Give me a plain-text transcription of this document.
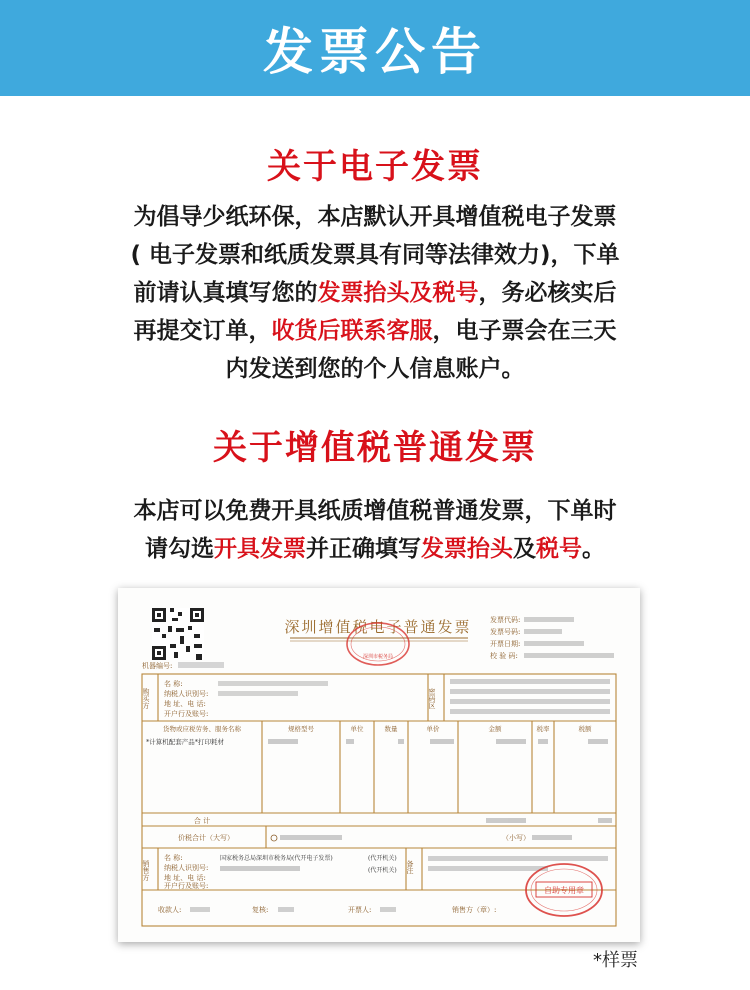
发票公告
关于电子发票
为倡导少纸环保，本店默认开具增值税电子发票
( 电子发票和纸质发票具有同等法律效力)，下单
前请认真填写您的发票抬头及税号，务必核实后
再提交订单，收货后联系客服，电子票会在三天
内发送到您的个人信息账户。
关于增值税普通发票
本店可以免费开具纸质增值税普通发票，下单时
请勾选开具发票并正确填写发票抬头及税号。
机器编号:
深圳增值税电子普通发票
深圳市税务局
发票代码:
发票号码:
开票日期:
校 验 码:
购买方
名 称:
纳税人识别号:
地 址、电 话:
开户行及账号:
密码区
货物或应税劳务、服务名称	规格型号	单位	数量	单价	金额	税率	税额
*计算机配套产品*打印耗材
合 计
价税合计（大写）	（小写）
销售方
名 称:
纳税人识别号:
地 址、电 话:
开户行及账号:
国家税务总局深圳市税务局(代开电子发票)	(代开机关)
(代开机关) 备注
自助专用章
收款人:	复核:	开票人:	销售方（章）:
*样票
